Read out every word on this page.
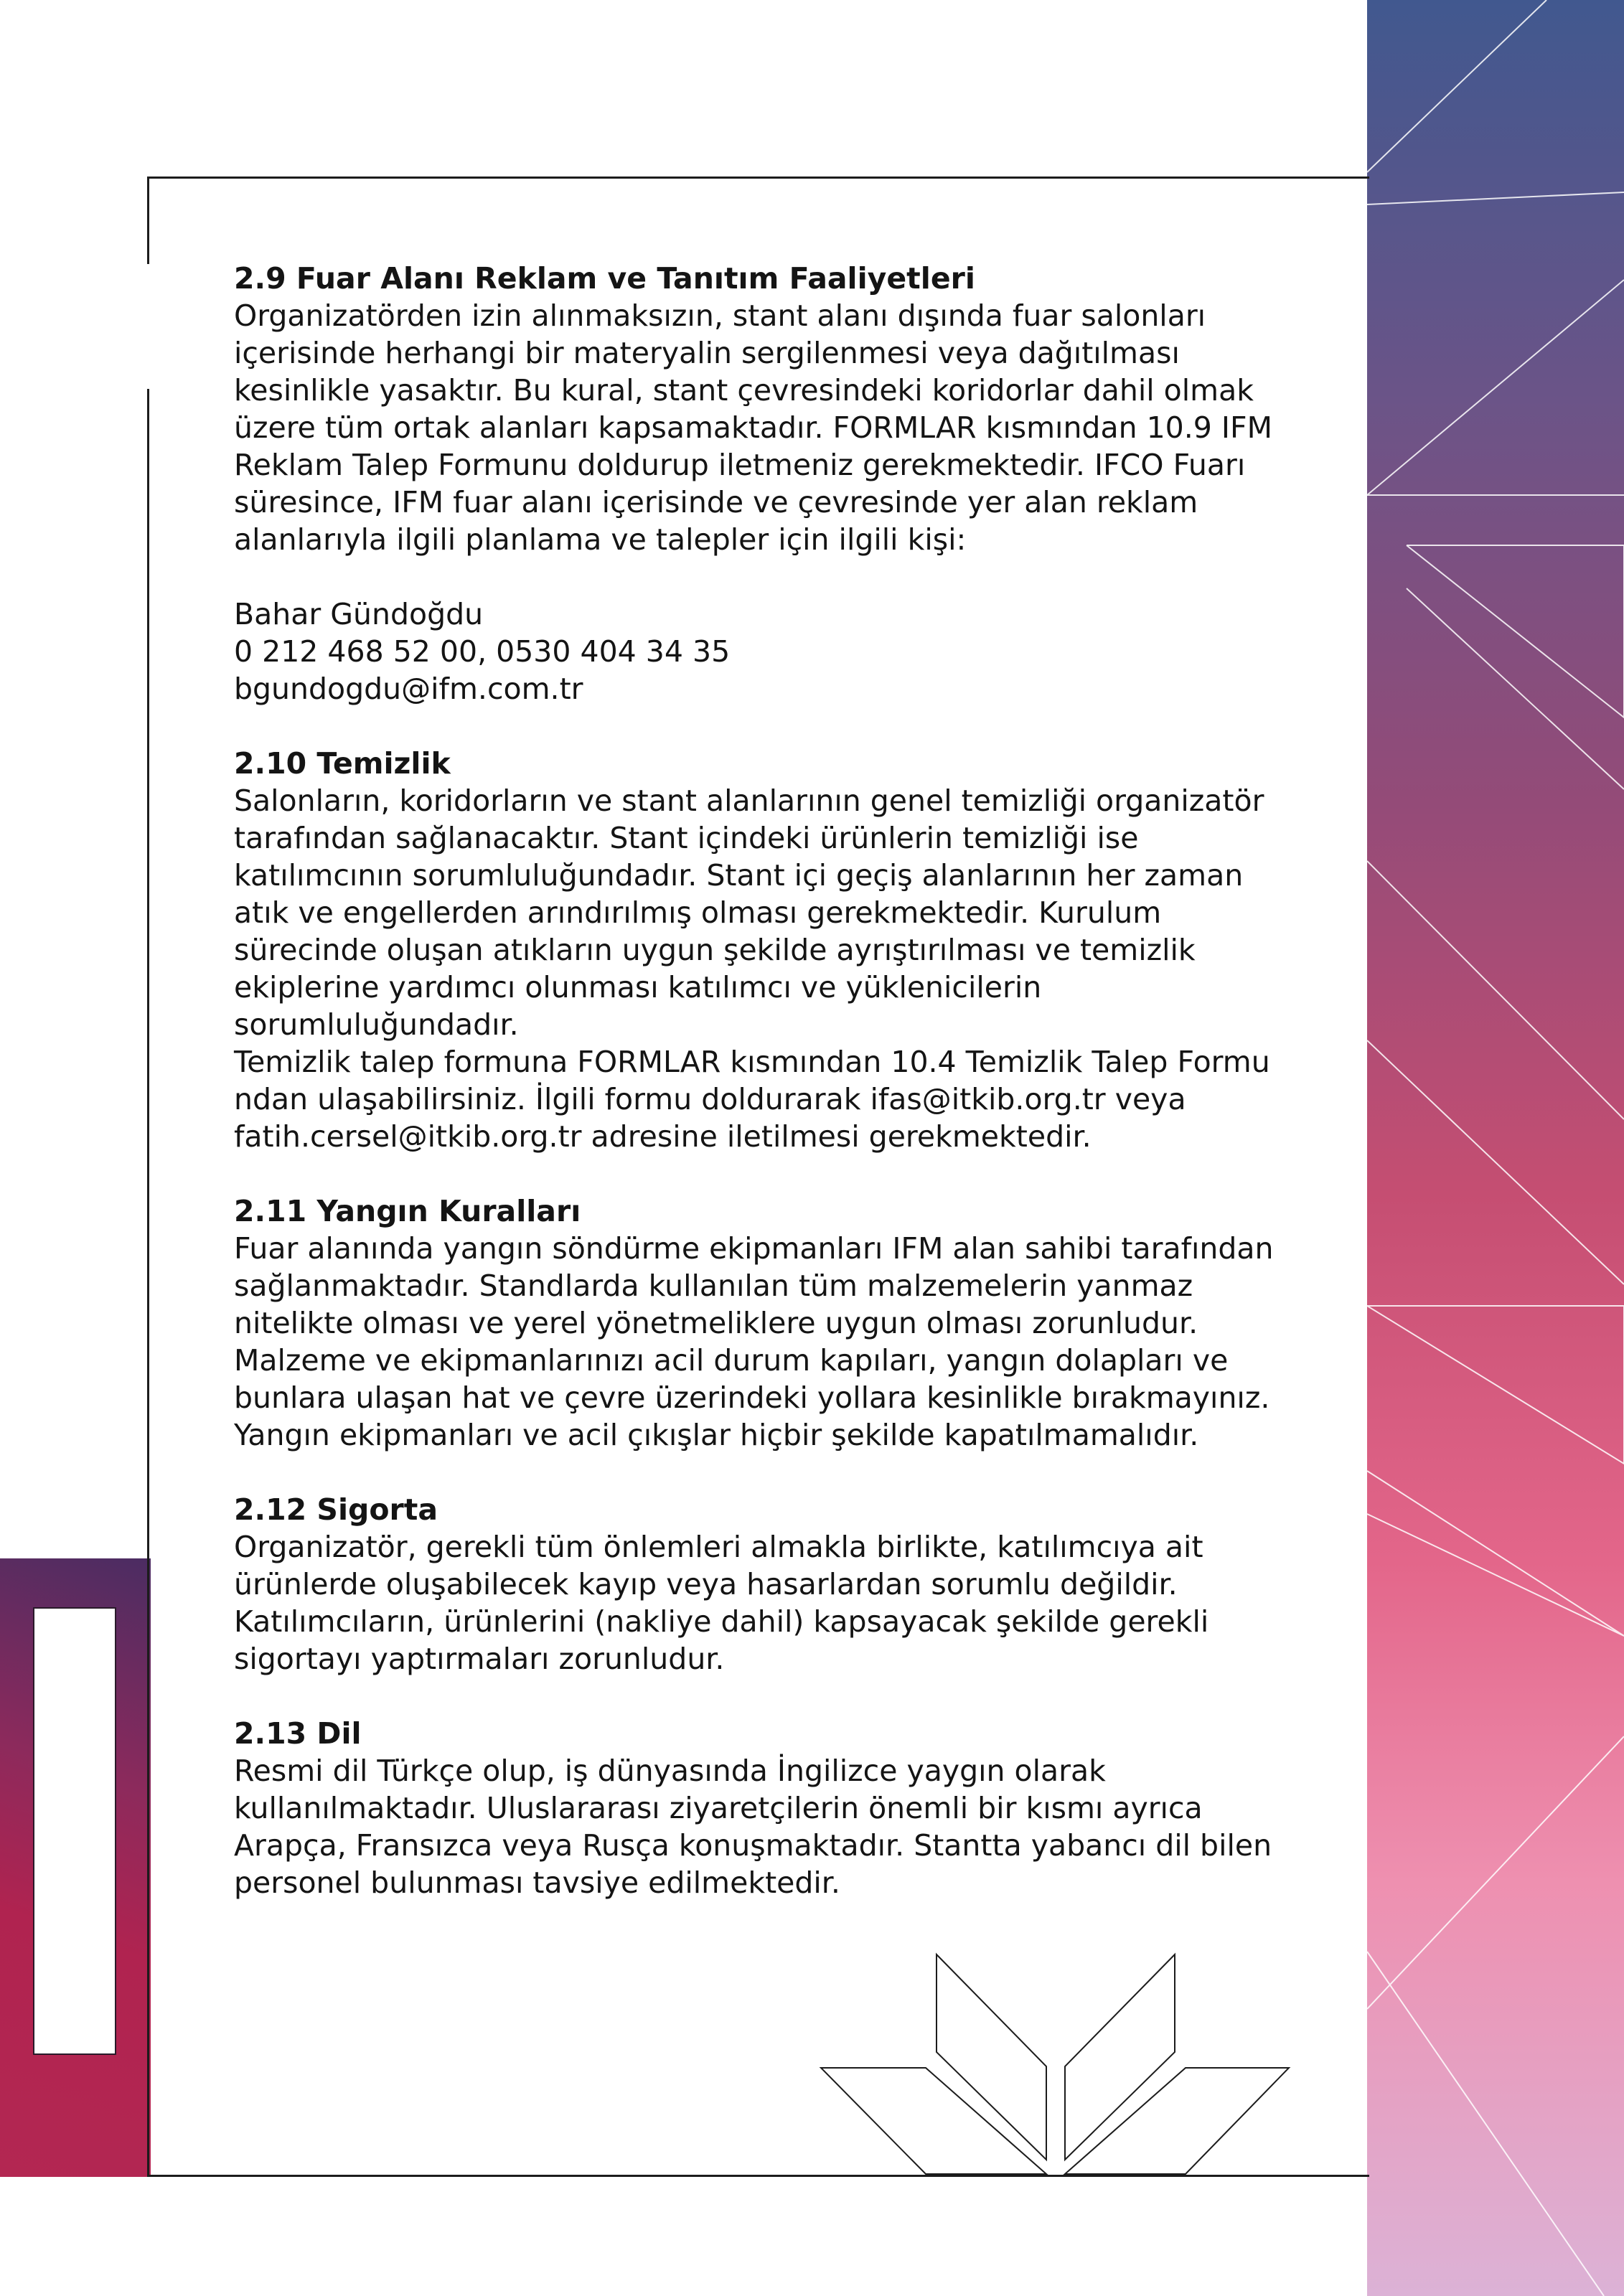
2.9 Fuar Alanı Reklam ve Tanıtım Faaliyetleri
Organizatörden izin alınmaksızın, stant alanı dışında fuar salonları
içerisinde herhangi bir materyalin sergilenmesi veya dağıtılması
kesinlikle yasaktır. Bu kural, stant çevresindeki koridorlar dahil olmak
üzere tüm ortak alanları kapsamaktadır. FORMLAR kısmından 10.9 IFM
Reklam Talep Formunu doldurup iletmeniz gerekmektedir. IFCO Fuarı
süresince, IFM fuar alanı içerisinde ve çevresinde yer alan reklam
alanlarıyla ilgili planlama ve talepler için ilgili kişi:
Bahar Gündoğdu
0 212 468 52 00, 0530 404 34 35
bgundogdu@ifm.com.tr
2.10 Temizlik
Salonların, koridorların ve stant alanlarının genel temizliği organizatör
tarafından sağlanacaktır. Stant içindeki ürünlerin temizliği ise
katılımcının sorumluluğundadır. Stant içi geçiş alanlarının her zaman
atık ve engellerden arındırılmış olması gerekmektedir. Kurulum
sürecinde oluşan atıkların uygun şekilde ayrıştırılması ve temizlik
ekiplerine yardımcı olunması katılımcı ve yüklenicilerin
sorumluluğundadır.
Temizlik talep formuna FORMLAR kısmından 10.4 Temizlik Talep Formu
ndan ulaşabilirsiniz. İlgili formu doldurarak ifas@itkib.org.tr veya
fatih.cersel@itkib.org.tr adresine iletilmesi gerekmektedir.
2.11 Yangın Kuralları
Fuar alanında yangın söndürme ekipmanları IFM alan sahibi tarafından
sağlanmaktadır. Standlarda kullanılan tüm malzemelerin yanmaz
nitelikte olması ve yerel yönetmeliklere uygun olması zorunludur.
Malzeme ve ekipmanlarınızı acil durum kapıları, yangın dolapları ve
bunlara ulaşan hat ve çevre üzerindeki yollara kesinlikle bırakmayınız.
Yangın ekipmanları ve acil çıkışlar hiçbir şekilde kapatılmamalıdır.
2.12 Sigorta
Organizatör, gerekli tüm önlemleri almakla birlikte, katılımcıya ait
ürünlerde oluşabilecek kayıp veya hasarlardan sorumlu değildir.
Katılımcıların, ürünlerini (nakliye dahil) kapsayacak şekilde gerekli
sigortayı yaptırmaları zorunludur.
2.13 Dil
Resmi dil Türkçe olup, iş dünyasında İngilizce yaygın olarak
kullanılmaktadır. Uluslararası ziyaretçilerin önemli bir kısmı ayrıca
Arapça, Fransızca veya Rusça konuşmaktadır. Stantta yabancı dil bilen
personel bulunması tavsiye edilmektedir.
